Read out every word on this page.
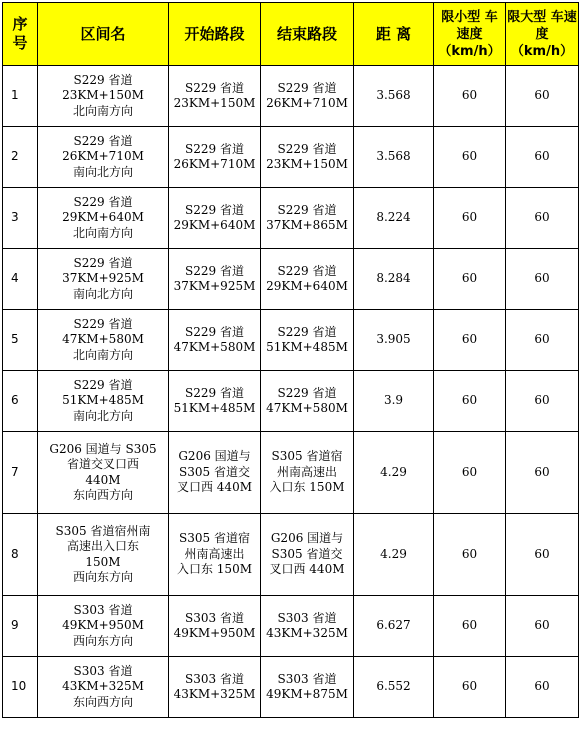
序 号	区间名	开始路段	结束路段	距 离	限小型 车速度 （km/h）	限大型 车速度 （km/h）
1	S229 省道
23KM+150M
北向南方向	S229 省道
23KM+150M	S229 省道
26KM+710M	3.568	60	60
2	S229 省道
26KM+710M
南向北方向	S229 省道
26KM+710M	S229 省道
23KM+150M	3.568	60	60
3	S229 省道
29KM+640M
北向南方向	S229 省道
29KM+640M	S229 省道
37KM+865M	8.224	60	60
4	S229 省道
37KM+925M
南向北方向	S229 省道
37KM+925M	S229 省道
29KM+640M	8.284	60	60
5	S229 省道
47KM+580M
北向南方向	S229 省道
47KM+580M	S229 省道
51KM+485M	3.905	60	60
6	S229 省道
51KM+485M
南向北方向	S229 省道
51KM+485M	S229 省道
47KM+580M	3.9	60	60
7	G206 国道与 S305
省道交叉口西
440M
东向西方向	G206 国道与
S305 省道交
叉口西 440M	S305 省道宿
州南高速出
入口东 150M	4.29	60	60
8	S305 省道宿州南
高速出入口东
150M
西向东方向	S305 省道宿
州南高速出
入口东 150M	G206 国道与
S305 省道交
叉口西 440M	4.29	60	60
9	S303 省道
49KM+950M
西向东方向	S303 省道
49KM+950M	S303 省道
43KM+325M	6.627	60	60
10	S303 省道
43KM+325M
东向西方向	S303 省道
43KM+325M	S303 省道
49KM+875M	6.552	60	60
